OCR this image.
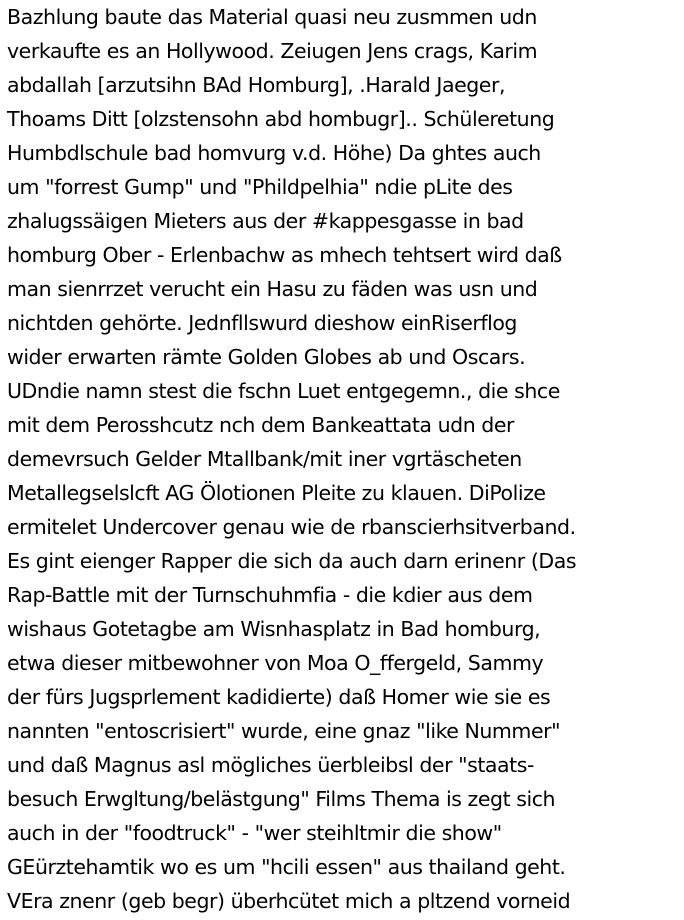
Bazhlung baute das Material quasi neu zusmmen udn
verkaufte es an Hollywood. Zeiugen Jens crags, Karim
abdallah [arzutsihn BAd Homburg], .Harald Jaeger,
Thoams Ditt [olzstensohn abd hombugr].. Schüleretung
Humbdlschule bad homvurg v.d. Höhe) Da ghtes auch
um "forrest Gump" und "Phildpelhia" ndie pLite des
zhalugssäigen Mieters aus der #kappesgasse in bad
homburg Ober - Erlenbachw as mhech tehtsert wird daß
man sienrrzet verucht ein Hasu zu fäden was usn und
nichtden gehörte. Jednfllswurd dieshow einRiserflog
wider erwarten rämte Golden Globes ab und Oscars.
UDndie namn stest die fschn Luet entgegemn., die shce
mit dem Perosshcutz nch dem Bankeattata udn der
demevrsuch Gelder Mtallbank/mit iner vgrtäscheten
Metallegselslcft AG Ölotionen Pleite zu klauen. DiPolize
ermitelet Undercover genau wie de rbanscierhsitverband.
Es gint eienger Rapper die sich da auch darn erinenr (Das
Rap-Battle mit der Turnschuhmfia - die kdier aus dem
wishaus Gotetagbe am Wisnhasplatz in Bad homburg,
etwa dieser mitbewohner von Moa O_ffergeld, Sammy
der fürs Jugsprlement kadidierte) daß Homer wie sie es
nannten "entoscrisiert" wurde, eine gnaz "like Nummer"
und daß Magnus asl mögliches üerbleibsl der "staats-
besuch Erwgltung/belästgung" Films Thema is zegt sich
auch in der "foodtruck" - "wer steihltmir die show"
GEürztehamtik wo es um "hcili essen" aus thailand geht.
VEra znenr (geb begr) überhcütet mich a pltzend vorneid
